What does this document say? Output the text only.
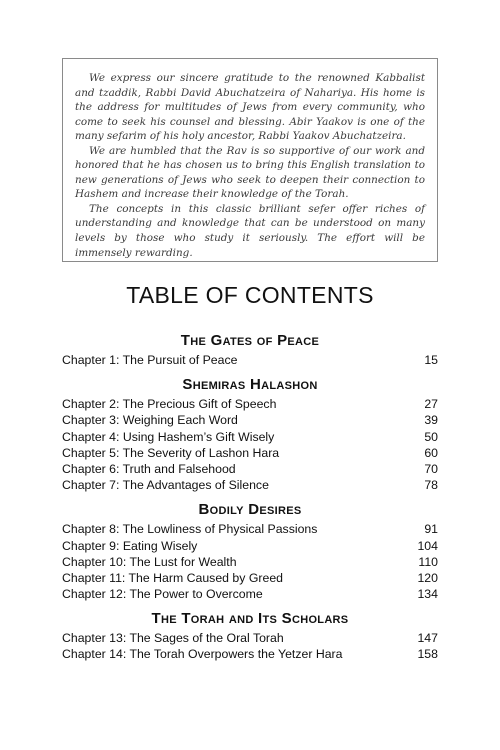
We express our sincere gratitude to the renowned Kabbalist and tzaddik, Rabbi David Abuchatzeira of Nahariya. His home is the address for multitudes of Jews from every community, who come to seek his counsel and blessing. Abir Yaakov is one of the many sefarim of his holy ancestor, Rabbi Yaakov Abuchatzeira.

We are humbled that the Rav is so supportive of our work and honored that he has chosen us to bring this English translation to new generations of Jews who seek to deepen their connection to Hashem and increase their knowledge of the Torah.

The concepts in this classic brilliant sefer offer riches of understanding and knowledge that can be understood on many levels by those who study it seriously. The effort will be immensely rewarding.

TABLE OF CONTENTS
The Gates of Peace
Chapter 1: The Pursuit of Peace	15
Shemiras Halashon
Chapter 2: The Precious Gift of Speech	27
Chapter 3: Weighing Each Word	39
Chapter 4: Using Hashem’s Gift Wisely	50
Chapter 5: The Severity of Lashon Hara	60
Chapter 6: Truth and Falsehood	70
Chapter 7: The Advantages of Silence	78
Bodily Desires
Chapter 8: The Lowliness of Physical Passions	91
Chapter 9: Eating Wisely	104
Chapter 10: The Lust for Wealth	110
Chapter 11: The Harm Caused by Greed	120
Chapter 12: The Power to Overcome	134
The Torah and Its Scholars
Chapter 13: The Sages of the Oral Torah	147
Chapter 14: The Torah Overpowers the Yetzer Hara	158
